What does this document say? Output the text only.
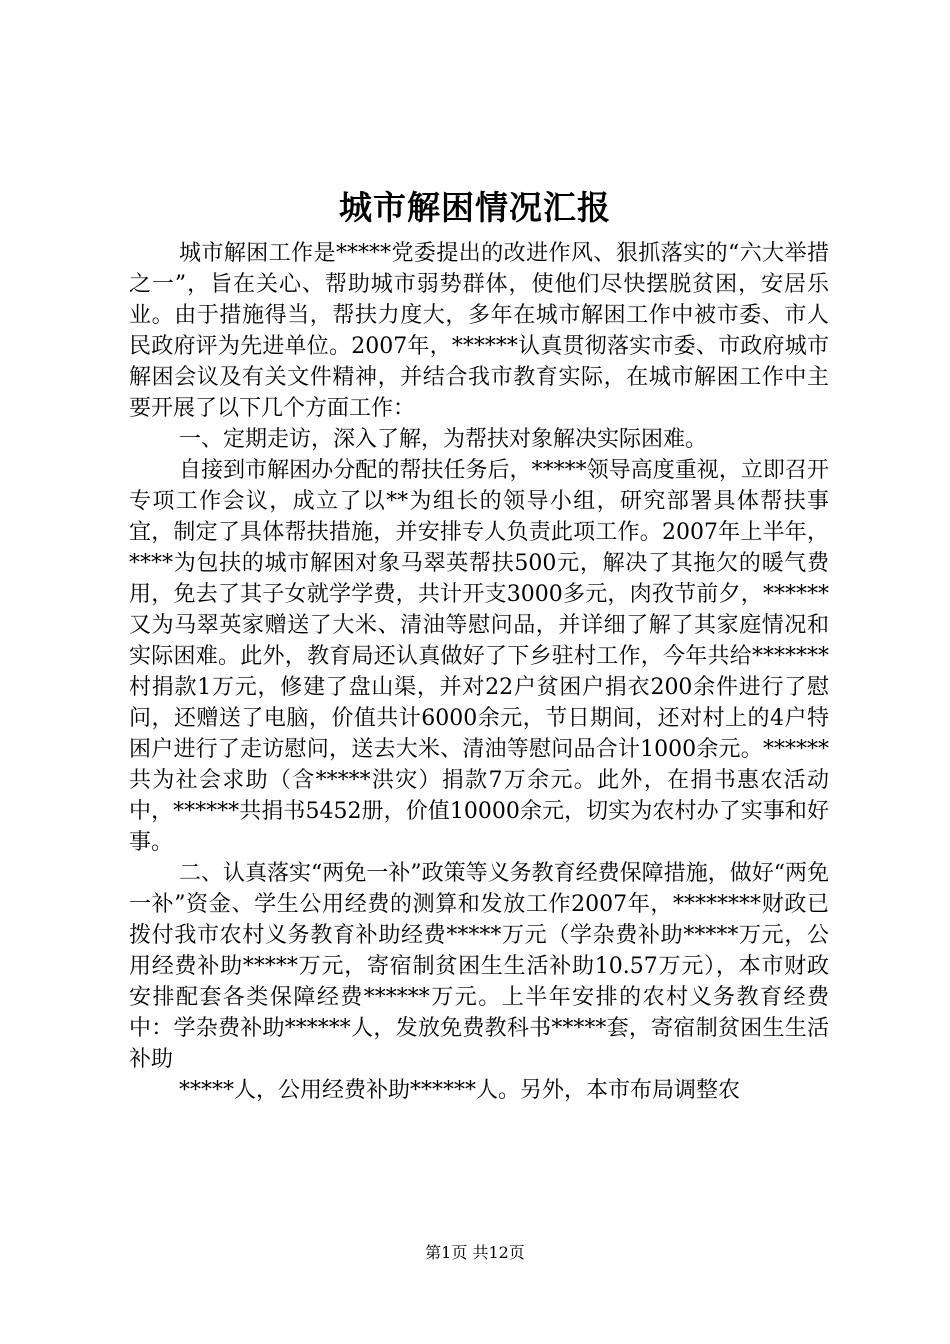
城市解困情况汇报

城市解困工作是*****党委提出的改进作风、狠抓落实的“六大举措之一”，旨在关心、帮助城市弱势群体，使他们尽快摆脱贫困，安居乐业。由于措施得当，帮扶力度大，多年在城市解困工作中被市委、市人民政府评为先进单位。2007年，******认真贯彻落实市委、市政府城市解困会议及有关文件精神，并结合我市教育实际，在城市解困工作中主要开展了以下几个方面工作：

一、定期走访，深入了解，为帮扶对象解决实际困难。

自接到市解困办分配的帮扶任务后，*****领导高度重视，立即召开专项工作会议，成立了以**为组长的领导小组，研究部署具体帮扶事宜，制定了具体帮扶措施，并安排专人负责此项工作。2007年上半年，****为包扶的城市解困对象马翠英帮扶500元，解决了其拖欠的暖气费用，免去了其子女就学学费，共计开支3000多元，肉孜节前夕，******又为马翠英家赠送了大米、清油等慰问品，并详细了解了其家庭情况和实际困难。此外，教育局还认真做好了下乡驻村工作，今年共给*******村捐款1万元，修建了盘山渠，并对22户贫困户捐衣200余件进行了慰问，还赠送了电脑，价值共计6000余元，节日期间，还对村上的4户特困户进行了走访慰问，送去大米、清油等慰问品合计1000余元。******共为社会求助（含*****洪灾）捐款7万余元。此外，在捐书惠农活动中，******共捐书5452册，价值10000余元，切实为农村办了实事和好事。

二、认真落实“两免一补”政策等义务教育经费保障措施，做好“两免一补”资金、学生公用经费的测算和发放工作2007年，********财政已拨付我市农村义务教育补助经费*****万元（学杂费补助*****万元，公用经费补助*****万元，寄宿制贫困生生活补助10.57万元），本市财政安排配套各类保障经费******万元。上半年安排的农村义务教育经费中：学杂费补助******人，发放免费教科书*****套，寄宿制贫困生生活补助

*****人，公用经费补助******人。另外，本市布局调整农

第1页 共12页
